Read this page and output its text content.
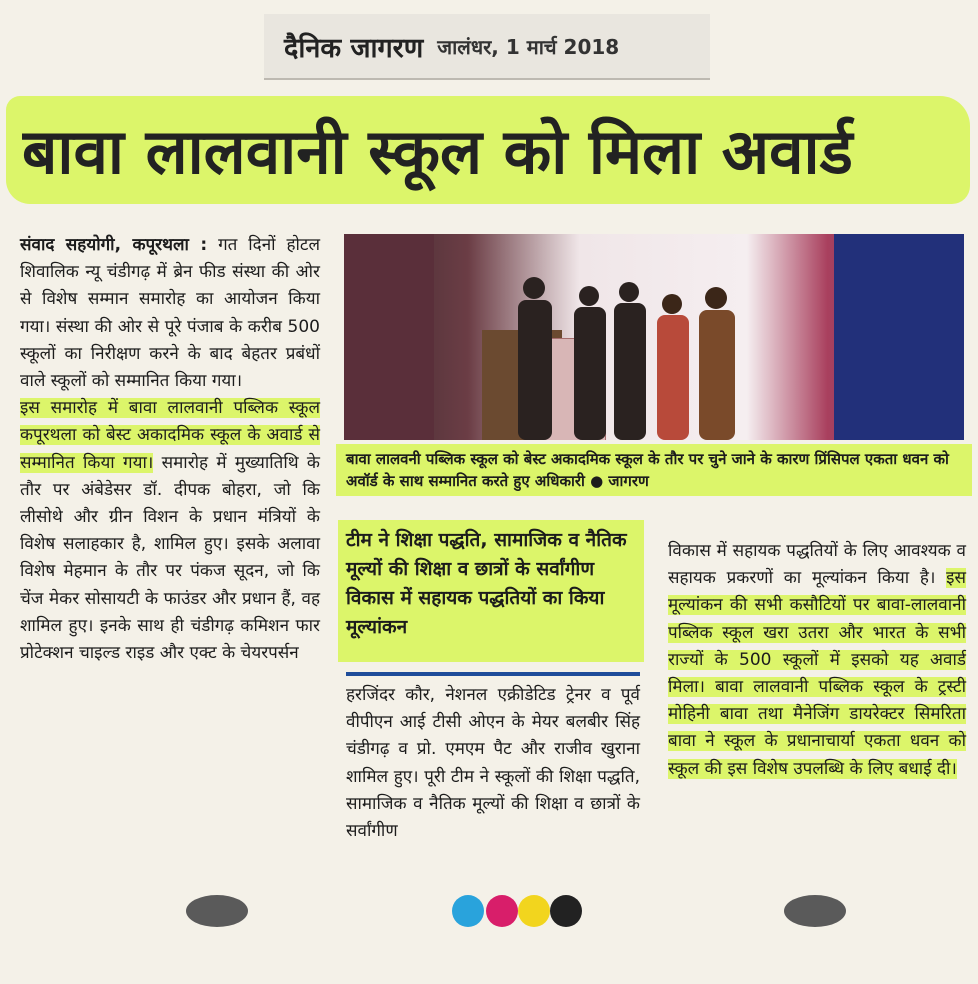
दैनिक जागरण जालंधर, 1 मार्च 2018
बावा लालवानी स्कूल को मिला अवार्ड

संवाद सहयोगी, कपूरथला : गत दिनों होटल शिवालिक न्यू चंडीगढ़ में ब्रेन फीड संस्था की ओर से विशेष सम्मान समारोह का आयोजन किया गया। संस्था की ओर से पूरे पंजाब के करीब 500 स्कूलों का निरीक्षण करने के बाद बेहतर प्रबंधों वाले स्कूलों को सम्मानित किया गया।

इस समारोह में बावा लालवानी पब्लिक स्कूल कपूरथला को बेस्ट अकादमिक स्कूल के अवार्ड से सम्मानित किया गया। समारोह में मुख्यातिथि के तौर पर अंबेडेसर डॉ. दीपक बोहरा, जो कि लीसोथे और ग्रीन विशन के प्रधान मंत्रियों के विशेष सलाहकार है, शामिल हुए। इसके अलावा विशेष मेहमान के तौर पर पंकज सूदन, जो कि चेंज मेकर सोसायटी के फाउंडर और प्रधान हैं, वह शामिल हुए। इनके साथ ही चंडीगढ़ कमिशन फार प्रोटेक्शन चाइल्ड राइड और एक्ट के चेयरपर्सन

बावा लालवनी पब्लिक स्कूल को बेस्ट अकादमिक स्कूल के तौर पर चुने जाने के कारण प्रिंसिपल एकता धवन को अवॉर्ड के साथ सम्मानित करते हुए अधिकारी ● जागरण

टीम ने शिक्षा पद्धति, सामाजिक व नैतिक मूल्यों की शिक्षा व छात्रों के सर्वांगीण विकास में सहायक पद्धतियों का किया मूल्यांकन

हरजिंदर कौर, नेशनल एक्रीडेटिड ट्रेनर व पूर्व वीपीएन आई टीसी ओएन के मेयर बलबीर सिंह चंडीगढ़ व प्रो. एमएम पैट और राजीव खुराना शामिल हुए। पूरी टीम ने स्कूलों की शिक्षा पद्धति, सामाजिक व नैतिक मूल्यों की शिक्षा व छात्रों के सर्वांगीण

विकास में सहायक पद्धतियों के लिए आवश्यक व सहायक प्रकरणों का मूल्यांकन किया है। इस मूल्यांकन की सभी कसौटियों पर बावा-लालवानी पब्लिक स्कूल खरा उतरा और भारत के सभी राज्यों के 500 स्कूलों में इसको यह अवार्ड मिला। बावा लालवानी पब्लिक स्कूल के ट्रस्टी मोहिनी बावा तथा मैनेजिंग डायरेक्टर सिमरिता बावा ने स्कूल के प्रधानाचार्या एकता धवन को स्कूल की इस विशेष उपलब्धि के लिए बधाई दी।
